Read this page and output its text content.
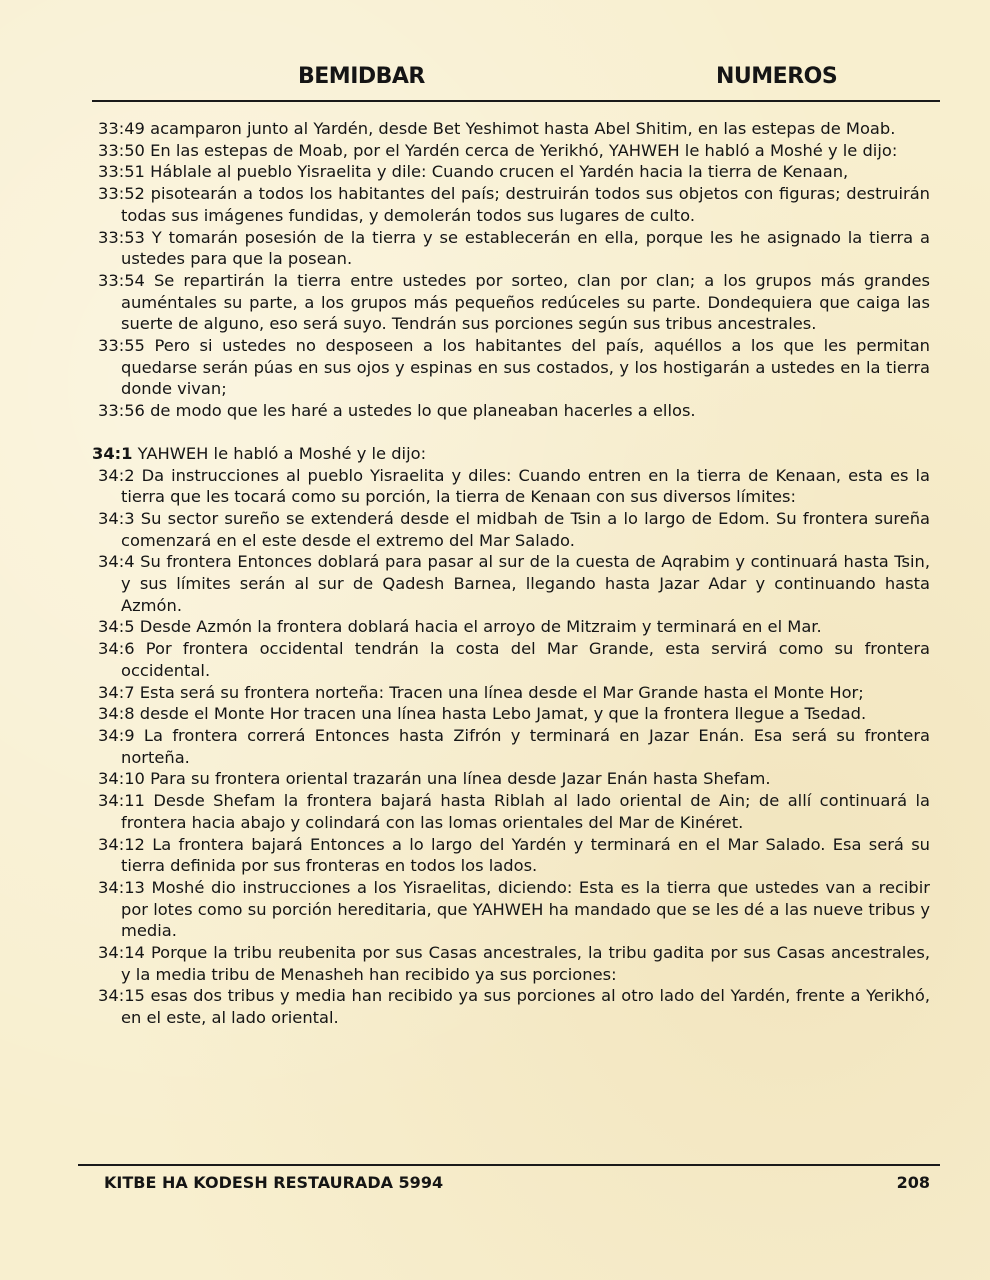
BEMIDBAR	NUMEROS

33:49 acamparon junto al Yardén, desde Bet Yeshimot hasta Abel Shitim, en las estepas de Moab.

33:50 En las estepas de Moab, por el Yardén cerca de Yerikhó, YAHWEH le habló a Moshé y le dijo:

33:51 Háblale al pueblo Yisraelita y dile: Cuando crucen el Yardén hacia la tierra de Kenaan,

33:52 pisotearán a todos los habitantes del país; destruirán todos sus objetos con figuras; destruirán todas sus imágenes fundidas, y demolerán todos sus lugares de culto.

33:53 Y tomarán posesión de la tierra y se establecerán en ella, porque les he asignado la tierra a ustedes para que la posean.

33:54 Se repartirán la tierra entre ustedes por sorteo, clan por clan; a los grupos más grandes auméntales su parte, a los grupos más pequeños redúceles su parte. Dondequiera que caiga las suerte de alguno, eso será suyo. Tendrán sus porciones según sus tribus ancestrales.

33:55 Pero si ustedes no desposeen a los habitantes del país, aquéllos a los que les permitan quedarse serán púas en sus ojos y espinas en sus costados, y los hostigarán a ustedes en la tierra donde vivan;

33:56 de modo que les haré a ustedes lo que planeaban hacerles a ellos.

34:1 YAHWEH le habló a Moshé y le dijo:

34:2 Da instrucciones al pueblo Yisraelita y diles: Cuando entren en la tierra de Kenaan, esta es la tierra que les tocará como su porción, la tierra de Kenaan con sus diversos límites:

34:3 Su sector sureño se extenderá desde el midbah de Tsin a lo largo de Edom. Su frontera sureña comenzará en el este desde el extremo del Mar Salado.

34:4 Su frontera Entonces doblará para pasar al sur de la cuesta de Aqrabim y continuará hasta Tsin, y sus límites serán al sur de Qadesh Barnea, llegando hasta Jazar Adar y continuando hasta Azmón.

34:5 Desde Azmón la frontera doblará hacia el arroyo de Mitzraim y terminará en el Mar.

34:6 Por frontera occidental tendrán la costa del Mar Grande, esta servirá como su frontera occidental.

34:7 Esta será su frontera norteña: Tracen una línea desde el Mar Grande hasta el Monte Hor;

34:8 desde el Monte Hor tracen una línea hasta Lebo Jamat, y que la frontera llegue a Tsedad.

34:9 La frontera correrá Entonces hasta Zifrón y terminará en Jazar Enán. Esa será su frontera norteña.

34:10 Para su frontera oriental trazarán una línea desde Jazar Enán hasta Shefam.

34:11 Desde Shefam la frontera bajará hasta Riblah al lado oriental de Ain; de allí continuará la frontera hacia abajo y colindará con las lomas orientales del Mar de Kinéret.

34:12 La frontera bajará Entonces a lo largo del Yardén y terminará en el Mar Salado. Esa será su tierra definida por sus fronteras en todos los lados.

34:13 Moshé dio instrucciones a los Yisraelitas, diciendo: Esta es la tierra que ustedes van a recibir por lotes como su porción hereditaria, que YAHWEH ha mandado que se les dé a las nueve tribus y media.

34:14 Porque la tribu reubenita por sus Casas ancestrales, la tribu gadita por sus Casas ancestrales, y la media tribu de Menasheh han recibido ya sus porciones:

34:15 esas dos tribus y media han recibido ya sus porciones al otro lado del Yardén, frente a Yerikhó, en el este, al lado oriental.

KITBE HA KODESH RESTAURADA 5994	208
